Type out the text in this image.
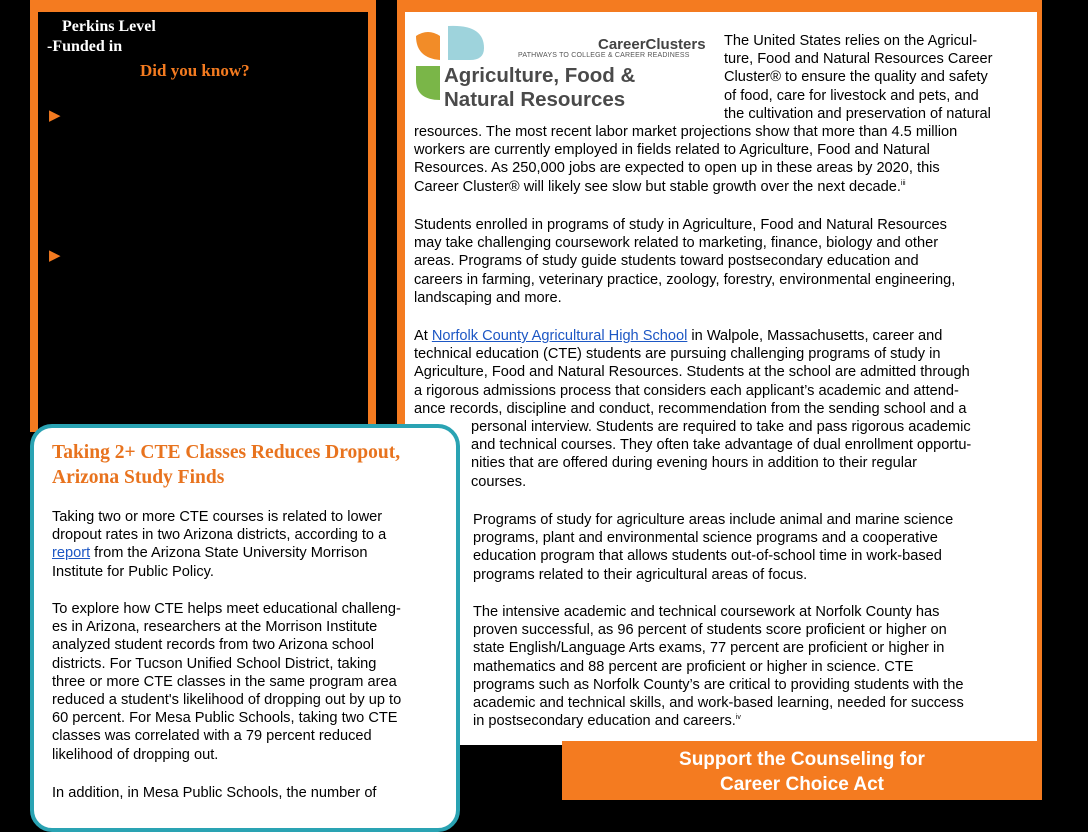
Perkins Level
-Funded in
Did you know?
▶
▶
CareerClusters
PATHWAYS TO COLLEGE & CAREER READINESS
Agriculture, Food &
Natural Resources
The United States relies on the Agricul-
ture, Food and Natural Resources Career
Cluster® to ensure the quality and safety
of food, care for livestock and pets, and
the cultivation and preservation of natural
resources. The most recent labor market projections show that more than 4.5 million
workers are currently employed in fields related to Agriculture, Food and Natural
Resources. As 250,000 jobs are expected to open up in these areas by 2020, this
Career Cluster® will likely see slow but stable growth over the next decade.$^{iii}$
Students enrolled in programs of study in Agriculture, Food and Natural Resources
may take challenging coursework related to marketing, finance, biology and other
areas. Programs of study guide students toward postsecondary education and
careers in farming, veterinary practice, zoology, forestry, environmental engineering,
landscaping and more.
At Norfolk County Agricultural High School in Walpole, Massachusetts, career and
technical education (CTE) students are pursuing challenging programs of study in
Agriculture, Food and Natural Resources. Students at the school are admitted through
a rigorous admissions process that considers each applicant’s academic and attend-
ance records, discipline and conduct, recommendation from the sending school and a
personal interview. Students are required to take and pass rigorous academic
and technical courses. They often take advantage of dual enrollment opportu-
nities that are offered during evening hours in addition to their regular
courses.
Programs of study for agriculture areas include animal and marine science
programs, plant and environmental science programs and a cooperative
education program that allows students out-of-school time in work-based
programs related to their agricultural areas of focus.
The intensive academic and technical coursework at Norfolk County has
proven successful, as 96 percent of students score proficient or higher on
state English/Language Arts exams, 77 percent are proficient or higher in
mathematics and 88 percent are proficient or higher in science. CTE
programs such as Norfolk County’s are critical to providing students with the
academic and technical skills, and work-based learning, needed for success
in postsecondary education and careers.$^{iv}$
Taking 2+ CTE Classes Reduces Dropout,
Arizona Study Finds
Taking two or more CTE courses is related to lower
dropout rates in two Arizona districts, according to a
report from the Arizona State University Morrison
Institute for Public Policy.
To explore how CTE helps meet educational challeng-
es in Arizona, researchers at the Morrison Institute
analyzed student records from two Arizona school
districts. For Tucson Unified School District, taking
three or more CTE classes in the same program area
reduced a student's likelihood of dropping out by up to
60 percent. For Mesa Public Schools, taking two CTE
classes was correlated with a 79 percent reduced
likelihood of dropping out.
In addition, in Mesa Public Schools, the number of
Support the Counseling for
Career Choice Act
